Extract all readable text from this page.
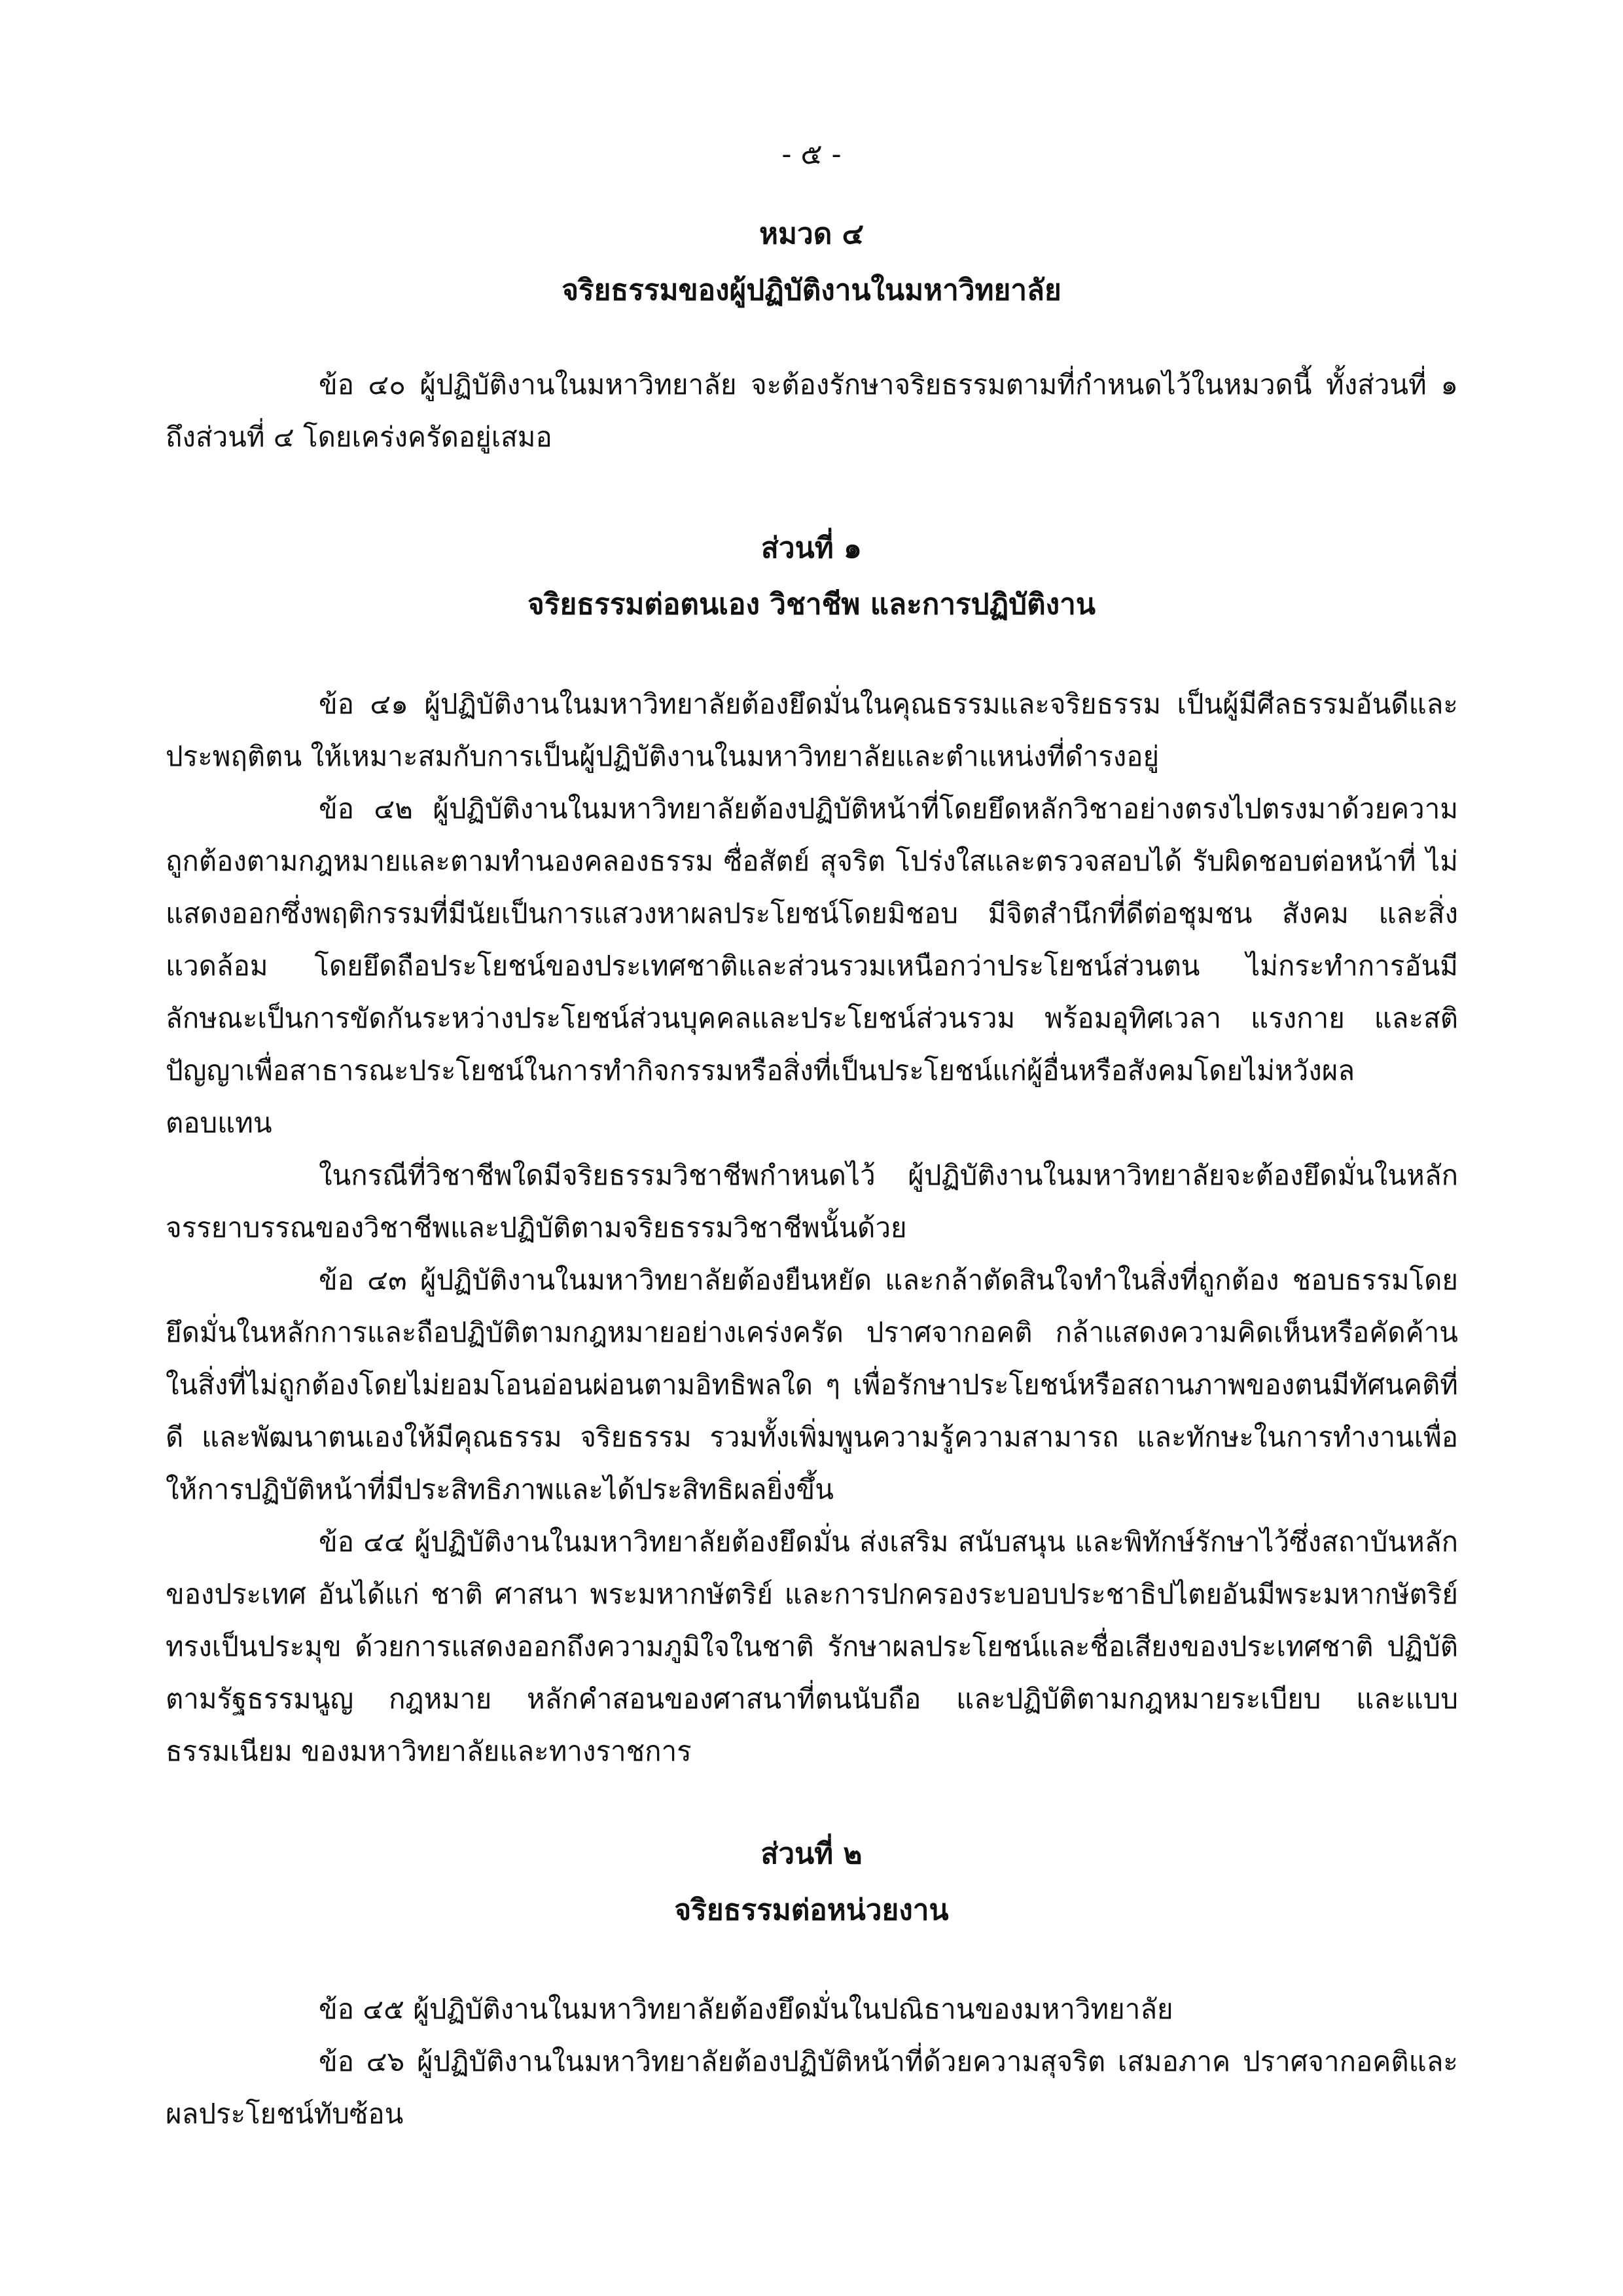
- ๕ -
หมวด ๔
จริยธรรมของผู้ปฏิบัติงานในมหาวิทยาลัย

ข้อ ๔๐ ผู้ปฏิบัติงานในมหาวิทยาลัย จะต้องรักษาจริยธรรมตามที่กำหนดไว้ในหมวดนี้ ทั้งส่วนที่ ๑ ถึงส่วนที่ ๔ โดยเคร่งครัดอยู่เสมอ

ส่วนที่ ๑
จริยธรรมต่อตนเอง วิชาชีพ และการปฏิบัติงาน

ข้อ ๔๑ ผู้ปฏิบัติงานในมหาวิทยาลัยต้องยึดมั่นในคุณธรรมและจริยธรรม เป็นผู้มีศีลธรรมอันดีและประพฤติตน ให้เหมาะสมกับการเป็นผู้ปฏิบัติงานในมหาวิทยาลัยและตำแหน่งที่ดำรงอยู่

ข้อ ๔๒ ผู้ปฏิบัติงานในมหาวิทยาลัยต้องปฏิบัติหน้าที่โดยยึดหลักวิชาอย่างตรงไปตรงมาด้วยความถูกต้องตามกฎหมายและตามทำนองคลองธรรม ซื่อสัตย์ สุจริต โปร่งใสและตรวจสอบได้ รับผิดชอบต่อหน้าที่ ไม่แสดงออกซึ่งพฤติกรรมที่มีนัยเป็นการแสวงหาผลประโยชน์โดยมิชอบ มีจิตสำนึกที่ดีต่อชุมชน สังคม และสิ่งแวดล้อม โดยยึดถือประโยชน์ของประเทศชาติและส่วนรวมเหนือกว่าประโยชน์ส่วนตน ไม่กระทำการอันมีลักษณะเป็นการขัดกันระหว่างประโยชน์ส่วนบุคคลและประโยชน์ส่วนรวม พร้อมอุทิศเวลา แรงกาย และสติปัญญาเพื่อสาธารณะประโยชน์ในการทำกิจกรรมหรือสิ่งที่เป็นประโยชน์แก่ผู้อื่นหรือสังคมโดยไม่หวังผลตอบแทน

ในกรณีที่วิชาชีพใดมีจริยธรรมวิชาชีพกำหนดไว้ ผู้ปฏิบัติงานในมหาวิทยาลัยจะต้องยึดมั่นในหลักจรรยาบรรณของวิชาชีพและปฏิบัติตามจริยธรรมวิชาชีพนั้นด้วย

ข้อ ๔๓ ผู้ปฏิบัติงานในมหาวิทยาลัยต้องยืนหยัด และกล้าตัดสินใจทำในสิ่งที่ถูกต้อง ชอบธรรมโดยยึดมั่นในหลักการและถือปฏิบัติตามกฎหมายอย่างเคร่งครัด ปราศจากอคติ กล้าแสดงความคิดเห็นหรือคัดค้านในสิ่งที่ไม่ถูกต้องโดยไม่ยอมโอนอ่อนผ่อนตามอิทธิพลใด ๆ เพื่อรักษาประโยชน์หรือสถานภาพของตนมีทัศนคติที่ดี และพัฒนาตนเองให้มีคุณธรรม จริยธรรม รวมทั้งเพิ่มพูนความรู้ความสามารถ และทักษะในการทำงานเพื่อให้การปฏิบัติหน้าที่มีประสิทธิภาพและได้ประสิทธิผลยิ่งขึ้น

ข้อ ๔๔ ผู้ปฏิบัติงานในมหาวิทยาลัยต้องยึดมั่น ส่งเสริม สนับสนุน และพิทักษ์รักษาไว้ซึ่งสถาบันหลักของประเทศ อันได้แก่ ชาติ ศาสนา พระมหากษัตริย์ และการปกครองระบอบประชาธิปไตยอันมีพระมหากษัตริย์ทรงเป็นประมุข ด้วยการแสดงออกถึงความภูมิใจในชาติ รักษาผลประโยชน์และชื่อเสียงของประเทศชาติ ปฏิบัติตามรัฐธรรมนูญ กฎหมาย หลักคำสอนของศาสนาที่ตนนับถือ และปฏิบัติตามกฎหมายระเบียบ และแบบธรรมเนียม ของมหาวิทยาลัยและทางราชการ

ส่วนที่ ๒
จริยธรรมต่อหน่วยงาน

ข้อ ๔๕ ผู้ปฏิบัติงานในมหาวิทยาลัยต้องยึดมั่นในปณิธานของมหาวิทยาลัย

ข้อ ๔๖ ผู้ปฏิบัติงานในมหาวิทยาลัยต้องปฏิบัติหน้าที่ด้วยความสุจริต เสมอภาค ปราศจากอคติและผลประโยชน์ทับซ้อน
